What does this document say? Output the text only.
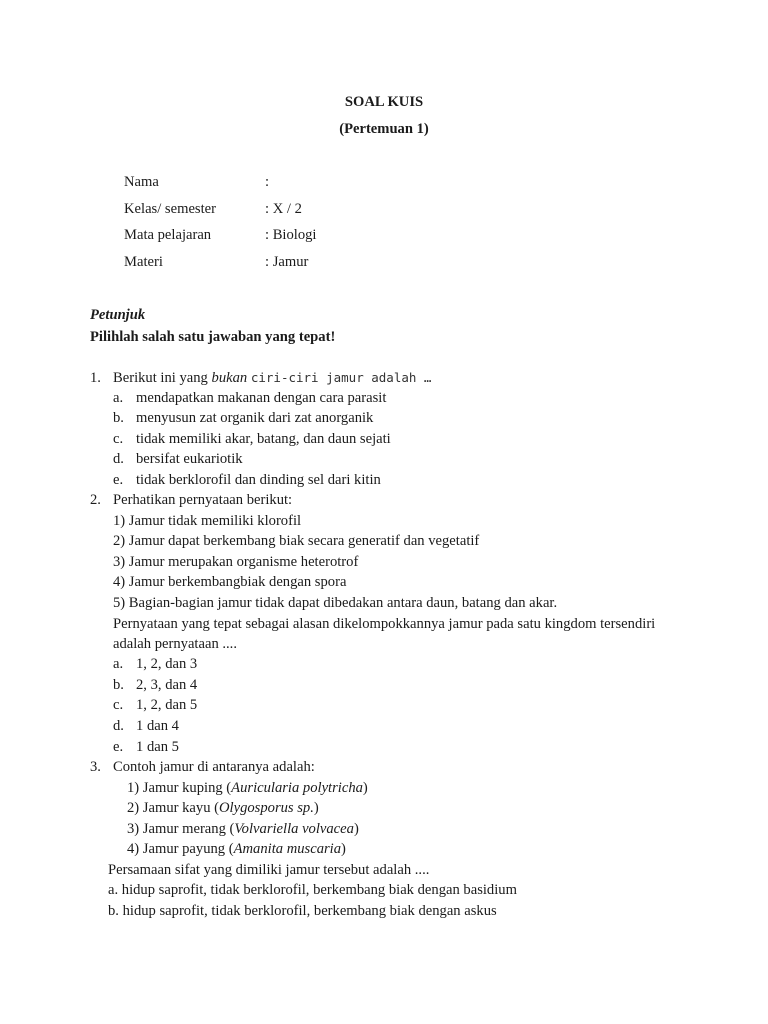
SOAL KUIS
(Pertemuan 1)
Nama	:
Kelas/ semester	: X / 2
Mata pelajaran	: Biologi
Materi	: Jamur
Petunjuk
Pilihlah salah satu jawaban yang tepat!
1. Berikut ini yang bukan ciri-ciri jamur adalah …
a. mendapatkan makanan dengan cara parasit
b. menyusun zat organik dari zat anorganik
c. tidak memiliki akar, batang, dan daun sejati
d. bersifat eukariotik
e. tidak berklorofil dan dinding sel dari kitin
2. Perhatikan pernyataan berikut:
1) Jamur tidak memiliki klorofil
2) Jamur dapat berkembang biak secara generatif dan vegetatif
3) Jamur merupakan organisme heterotrof
4) Jamur berkembangbiak dengan spora
5) Bagian-bagian jamur tidak dapat dibedakan antara daun, batang dan akar.
Pernyataan yang tepat sebagai alasan dikelompokkannya jamur pada satu kingdom tersendiri
adalah pernyataan ....
a. 1, 2, dan 3
b. 2, 3, dan 4
c. 1, 2, dan 5
d. 1 dan 4
e. 1 dan 5
3. Contoh jamur di antaranya adalah:
1) Jamur kuping (Auricularia polytricha)
2) Jamur kayu (Olygosporus sp.)
3) Jamur merang (Volvariella volvacea)
4) Jamur payung (Amanita muscaria)
Persamaan sifat yang dimiliki jamur tersebut adalah ....
a. hidup saprofit, tidak berklorofil, berkembang biak dengan basidium
b. hidup saprofit, tidak berklorofil, berkembang biak dengan askus
